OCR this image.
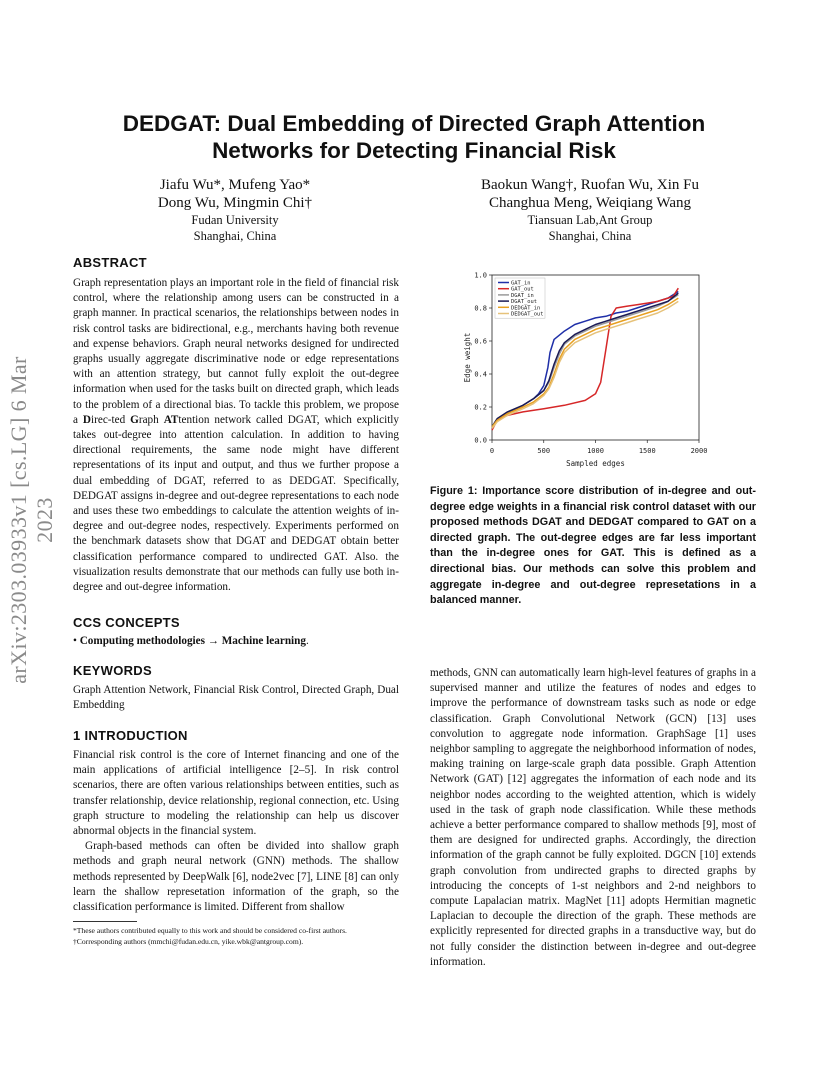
arXiv:2303.03933v1 [cs.LG] 6 Mar 2023
DEDGAT: Dual Embedding of Directed Graph Attention Networks for Detecting Financial Risk
Jiafu Wu*, Mufeng Yao*
Dong Wu, Mingmin Chi†
Fudan University
Shanghai, China
Baokun Wang†, Ruofan Wu, Xin Fu
Changhua Meng, Weiqiang Wang
Tiansuan Lab,Ant Group
Shanghai, China
ABSTRACT
Graph representation plays an important role in the field of financial risk control, where the relationship among users can be constructed in a graph manner. In practical scenarios, the relationships between nodes in risk control tasks are bidirectional, e.g., merchants having both revenue and expense behaviors. Graph neural networks designed for undirected graphs usually aggregate discriminative node or edge representations with an attention strategy, but cannot fully exploit the out-degree information when used for the tasks built on directed graph, which leads to the problem of a directional bias. To tackle this problem, we propose a Direc-ted Graph ATtention network called DGAT, which explicitly takes out-degree into attention calculation. In addition to having directional requirements, the same node might have different representations of its input and output, and thus we further propose a dual embedding of DGAT, referred to as DEDGAT. Specifically, DEDGAT assigns in-degree and out-degree representations to each node and uses these two embeddings to calculate the attention weights of in-degree and out-degree nodes, respectively. Experiments performed on the benchmark datasets show that DGAT and DEDGAT obtain better classification performance compared to undirected GAT. Also. the visualization results demonstrate that our methods can fully use both in-degree and out-degree information.
CCS CONCEPTS
• Computing methodologies → Machine learning.
KEYWORDS
Graph Attention Network, Financial Risk Control, Directed Graph, Dual Embedding
1 INTRODUCTION

Financial risk control is the core of Internet financing and one of the main applications of artificial intelligence [2–5]. In risk control scenarios, there are often various relationships between entities, such as transfer relationship, device relationship, regional connection, etc. Using graph structure to modeling the relationship can help us discover abnormal objects in the financial system.

Graph-based methods can often be divided into shallow graph methods and graph neural network (GNN) methods. The shallow methods represented by DeepWalk [6], node2vec [7], LINE [8] can only learn the shallow represetation information of the graph, so the classification performance is limited. Different from shallow

*These authors contributed equally to this work and should be considered co-first authors.
†Corresponding authors (mmchi@fudan.edu.cn, yike.wbk@antgroup.com).
0	500	1000	1500	2000
0.0
0.2
0.4
0.6
0.8
1.0
Sampled edges
Edge weight
GAT_in
GAT_out
DGAT_in
DGAT_out
DEDGAT_in
DEDGAT_out
Figure 1: Importance score distribution of in-degree and out-degree edge weights in a financial risk control dataset with our proposed methods DGAT and DEDGAT compared to GAT on a directed graph. The out-degree edges are far less important than the in-degree ones for GAT. This is defined as a directional bias. Our methods can solve this problem and aggregate in-degree and out-degree represetations in a balanced manner.

methods, GNN can automatically learn high-level features of graphs in a supervised manner and utilize the features of nodes and edges to improve the performance of downstream tasks such as node or edge classification. Graph Convolutional Network (GCN) [13] uses convolution to aggregate node information. GraphSage [1] uses neighbor sampling to aggregate the neighborhood information of nodes, making training on large-scale graph data possible. Graph Attention Network (GAT) [12] aggregates the information of each node and its neighbor nodes according to the weighted attention, which is widely used in the task of graph node classification. While these methods achieve a better performance compared to shallow methods [9], most of them are designed for undirected graphs. Accordingly, the direction information of the graph cannot be fully exploited. DGCN [10] extends graph convolution from undirected graphs to directed graphs by introducing the concepts of 1-st neighbors and 2-nd neighbors to compute Lapalacian matrix. MagNet [11] adopts Hermitian magnetic Laplacian to decouple the direction of the graph. These methods are explicitly represented for directed graphs in a transductive way, but do not fully consider the distinction between in-degree and out-degree information.
